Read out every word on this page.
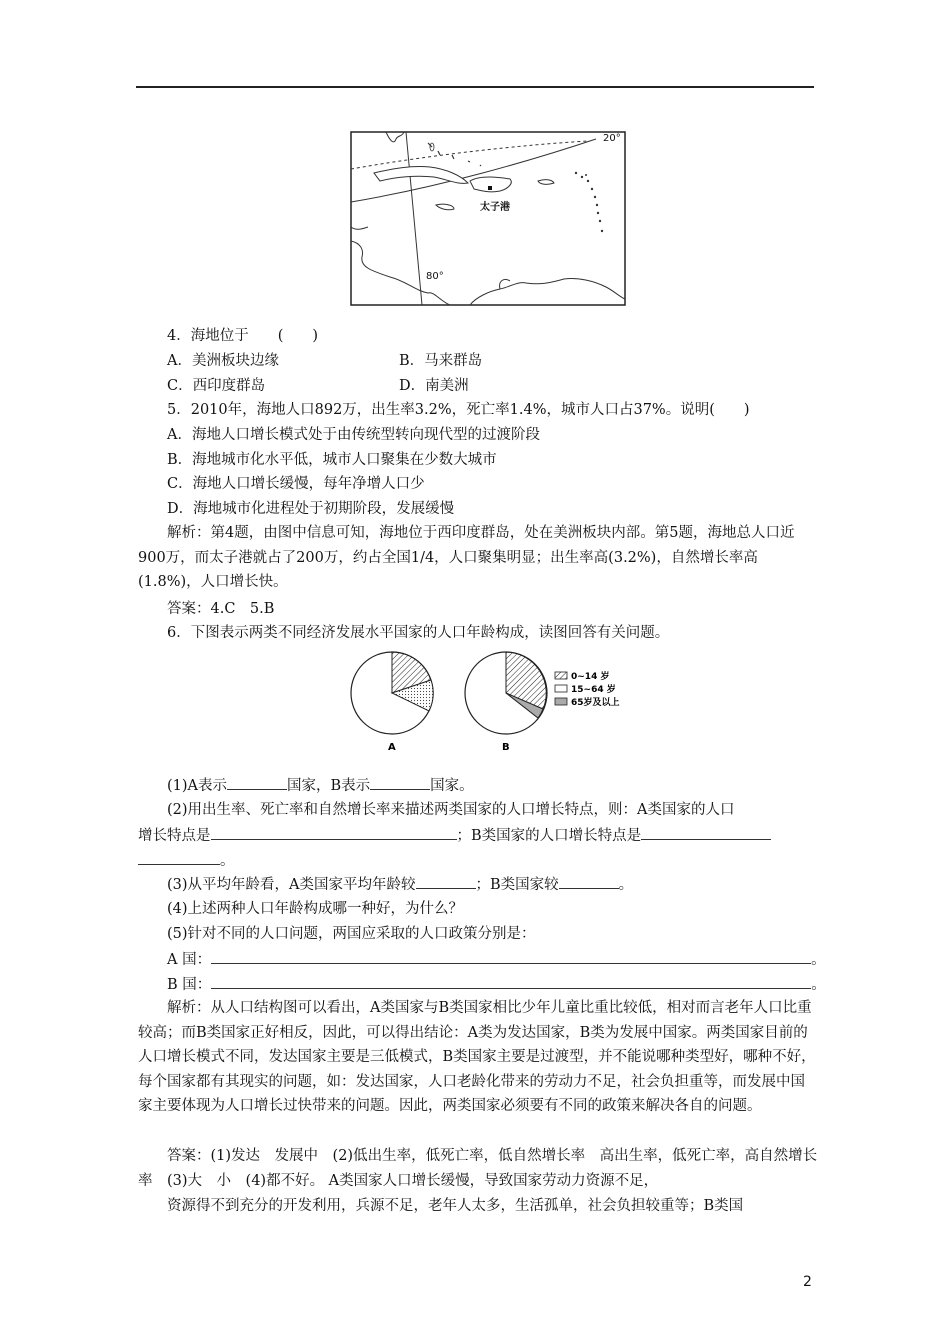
20°
80°
太子港
4．海地位于　　(　　)
A．美洲板块边缘	B．马来群岛
C．西印度群岛	D．南美洲
5．2010年，海地人口892万，出生率3.2%，死亡率1.4%，城市人口占37%。说明(　　)
A．海地人口增长模式处于由传统型转向现代型的过渡阶段
B．海地城市化水平低，城市人口聚集在少数大城市
C．海地人口增长缓慢，每年净增人口少
D．海地城市化进程处于初期阶段，发展缓慢

解析：第4题，由图中信息可知，海地位于西印度群岛，处在美洲板块内部。第5题，海地总人口近900万，而太子港就占了200万，约占全国1/4，人口聚集明显；出生率高(3.2%)，自然增长率高(1.8%)，人口增长快。

答案：4.C　5.B
6．下图表示两类不同经济发展水平国家的人口年龄构成，读图回答有关问题。
A	B
0~14 岁
15~64 岁
65岁及以上
(1)A表示	国家，B表示	国家。
(2)用出生率、死亡率和自然增长率来描述两类国家的人口增长特点，则：A类国家的人口
增长特点是	；B类国家的人口增长特点是
。
(3)从平均年龄看，A类国家平均年龄较	；B类国家较	。
(4)上述两种人口年龄构成哪一种好，为什么？
(5)针对不同的人口问题，两国应采取的人口政策分别是：
A 国：	。
B 国：	。

解析：从人口结构图可以看出，A类国家与B类国家相比少年儿童比重比较低，相对而言老年人口比重较高；而B类国家正好相反，因此，可以得出结论：A类为发达国家，B类为发展中国家。两类国家目前的人口增长模式不同，发达国家主要是三低模式，B类国家主要是过渡型，并不能说哪种类型好，哪种不好，每个国家都有其现实的问题，如：发达国家，人口老龄化带来的劳动力不足，社会负担重等，而发展中国家主要体现为人口增长过快带来的问题。因此，两类国家必须要有不同的政策来解决各自的问题。

答案：(1)发达　发展中　(2)低出生率，低死亡率，低自然增长率　高出生率，低死亡率，高自然增长率　(3)大　小　(4)都不好。 A类国家人口增长缓慢，导致国家劳动力资源不足，

资源得不到充分的开发利用，兵源不足，老年人太多，生活孤单，社会负担较重等；B类国
2
